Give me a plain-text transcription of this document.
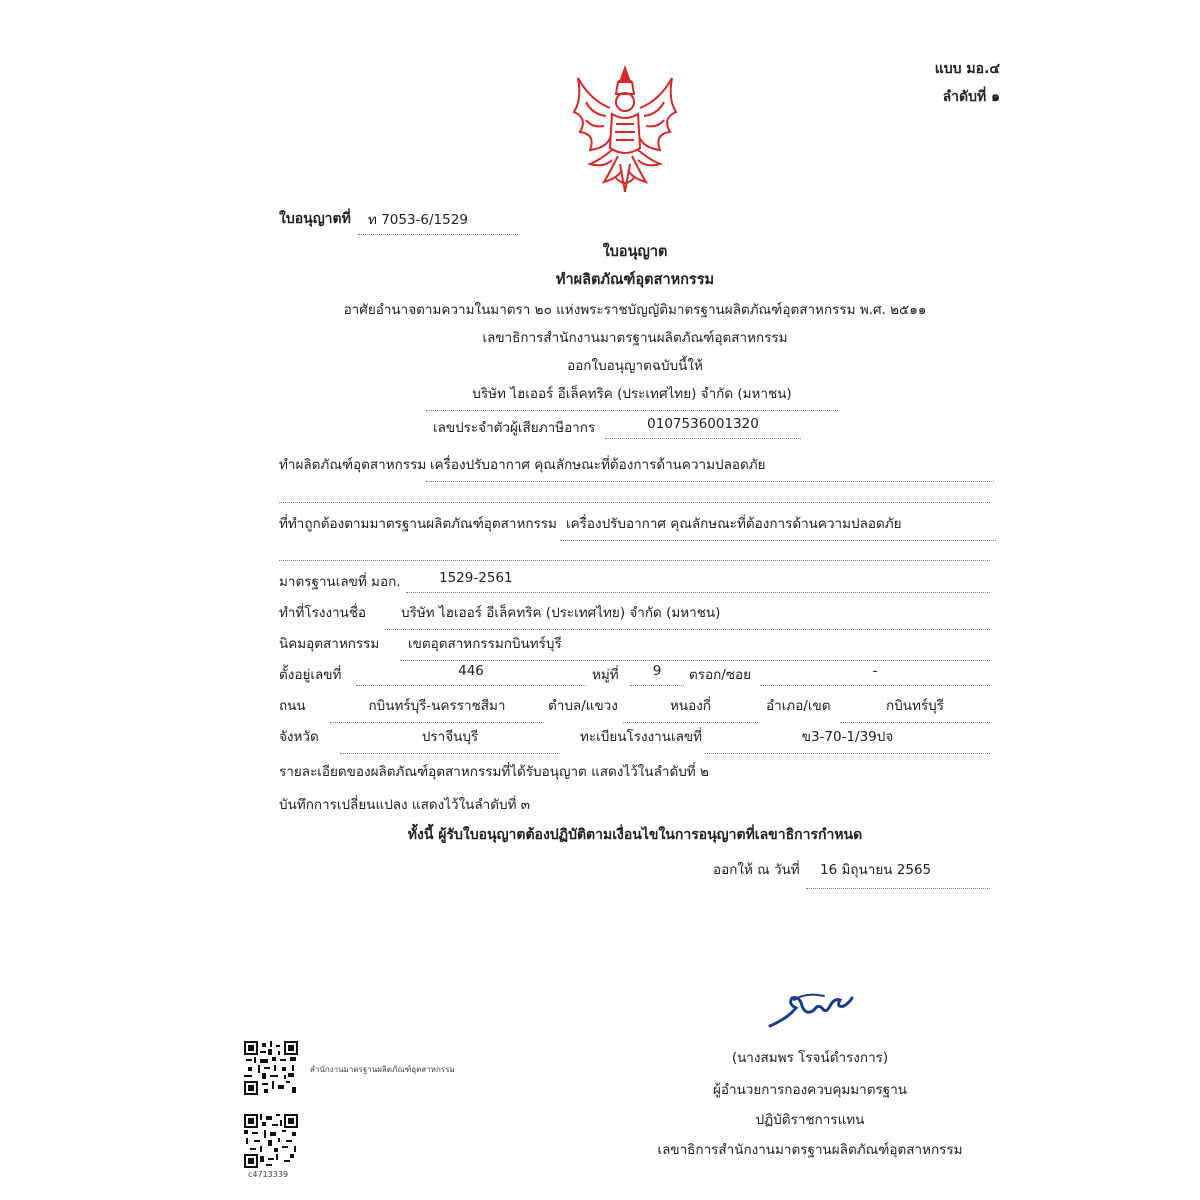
แบบ มอ.๔
ลำดับที่ ๑
ใบอนุญาตที่	ท 7053-6/1529
ใบอนุญาต
ทำผลิตภัณฑ์อุตสาหกรรม
อาศัยอำนาจตามความในมาตรา ๒๐ แห่งพระราชบัญญัติมาตรฐานผลิตภัณฑ์อุตสาหกรรม พ.ศ. ๒๕๑๑
เลขาธิการสำนักงานมาตรฐานผลิตภัณฑ์อุตสาหกรรม
ออกใบอนุญาตฉบับนี้ให้
บริษัท ไฮเออร์ อีเล็คทริค (ประเทศไทย) จำกัด (มหาชน)
เลขประจำตัวผู้เสียภาษีอากร	0107536001320
ทำผลิตภัณฑ์อุตสาหกรรม เครื่องปรับอากาศ คุณลักษณะที่ต้องการด้านความปลอดภัย
ที่ทำถูกต้องตามมาตรฐานผลิตภัณฑ์อุตสาหกรรม เครื่องปรับอากาศ คุณลักษณะที่ต้องการด้านความปลอดภัย
มาตรฐานเลขที่ มอก.	1529-2561
ทำที่โรงงานชื่อ	บริษัท ไฮเออร์ อีเล็คทริค (ประเทศไทย) จำกัด (มหาชน)
นิคมอุตสาหกรรม	เขตอุตสาหกรรมกบินทร์บุรี
ตั้งอยู่เลขที่	446	หมู่ที่	9	ตรอก/ซอย	-
ถนน	กบินทร์บุรี-นครราชสีมา	ตำบล/แขวง	หนองกี่	อำเภอ/เขต	กบินทร์บุรี
จังหวัด	ปราจีนบุรี	ทะเบียนโรงงานเลขที่	ข3-70-1/39ปจ
รายละเอียดของผลิตภัณฑ์อุตสาหกรรมที่ได้รับอนุญาต แสดงไว้ในลำดับที่ ๒
บันทึกการเปลี่ยนแปลง แสดงไว้ในลำดับที่ ๓
ทั้งนี้ ผู้รับใบอนุญาตต้องปฏิบัติตามเงื่อนไขในการอนุญาตที่เลขาธิการกำหนด
ออกให้ ณ วันที่	16 มิถุนายน 2565
(นางสมพร โรจน์ดำรงการ)
ผู้อำนวยการกองควบคุมมาตรฐาน
ปฏิบัติราชการแทน
เลขาธิการสำนักงานมาตรฐานผลิตภัณฑ์อุตสาหกรรม
สำนักงานมาตรฐานผลิตภัณฑ์อุตสาหกรรม
c4713339
